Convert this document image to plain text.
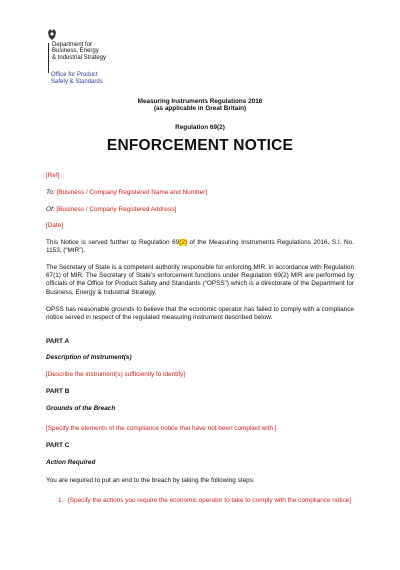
Department for
Business, Energy
& Industrial Strategy
Office for Product
Safety & Standards
Measuring Instruments Regulations 2016
(as applicable in Great Britain)
Regulation 69(2)
ENFORCEMENT NOTICE
[Ref]
To: [Business / Company Registered Name and Number]
Of: [Business / Company Registered Address]
[Date]
This Notice is served further to Regulation 69(2) of the Measuring Instruments Regulations 2016, S.I. No. 1153, (“MIR”).
The Secretary of State is a competent authority responsible for enforcing MIR, in accordance with Regulation 67(1) of MIR. The Secretary of State’s enforcement functions under Regulation 69(2) MIR are performed by officials of the Office for Product Safety and Standards (“OPSS”) which is a directorate of the Department for Business, Energy & Industrial Strategy.
OPSS has reasonable grounds to believe that the economic operator has failed to comply with a compliance notice served in respect of the regulated measuring instrument described below.
PART A
Description of Instrument(s)
[Describe the instrument(s) sufficiently to identify]
PART B
Grounds of the Breach
[Specify the elements of the compliance notice that have not been complied with.]
PART C
Action Required
You are required to put an end to the breach by taking the following steps:
1. [Specify the actions you require the economic operator to take to comply with the compliance notice]
